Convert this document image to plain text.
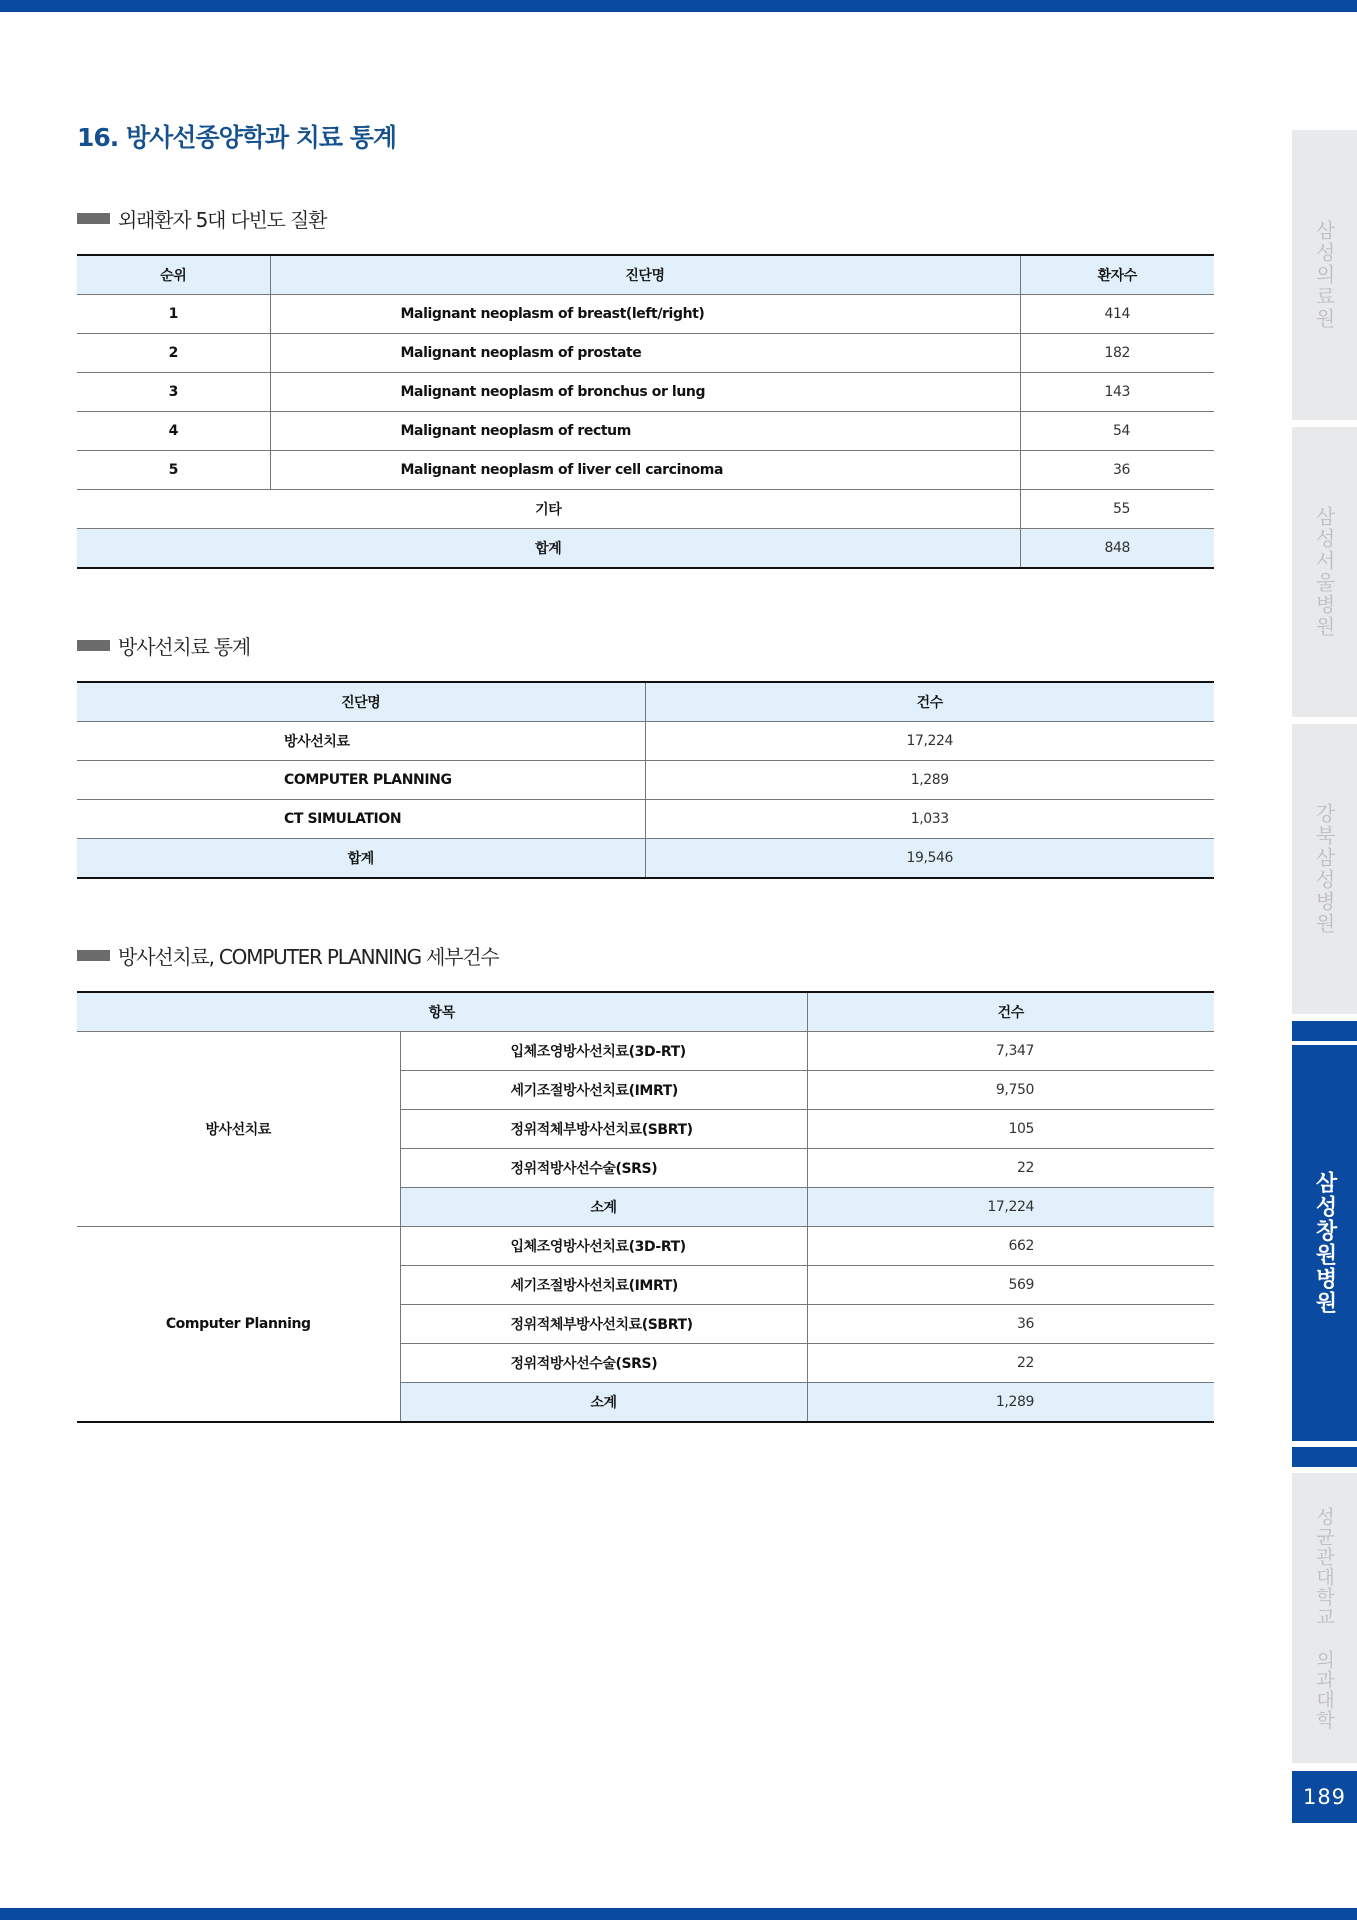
16. 방사선종양학과 치료 통계
외래환자 5대 다빈도 질환
순위	진단명	환자수
1	Malignant neoplasm of breast(left/right)	414
2	Malignant neoplasm of prostate	182
3	Malignant neoplasm of bronchus or lung	143
4	Malignant neoplasm of rectum	54
5	Malignant neoplasm of liver cell carcinoma	36
기타		55
합계		848
방사선치료 통계
진단명	건수
방사선치료	17,224
COMPUTER PLANNING	1,289
CT SIMULATION	1,033
합계	19,546
방사선치료, COMPUTER PLANNING 세부건수
항목		건수
방사선치료	입체조영방사선치료(3D-RT)	7,347
	세기조절방사선치료(IMRT)	9,750
	정위적체부방사선치료(SBRT)	105
	정위적방사선수술(SRS)	22
	소계	17,224
Computer Planning	입체조영방사선치료(3D-RT)	662
	세기조절방사선치료(IMRT)	569
	정위적체부방사선치료(SBRT)	36
	정위적방사선수술(SRS)	22
	소계	1,289
삼성의료원
삼성서울병원
강북삼성병원
삼성창원병원
성균관대학교 의과대학
189
